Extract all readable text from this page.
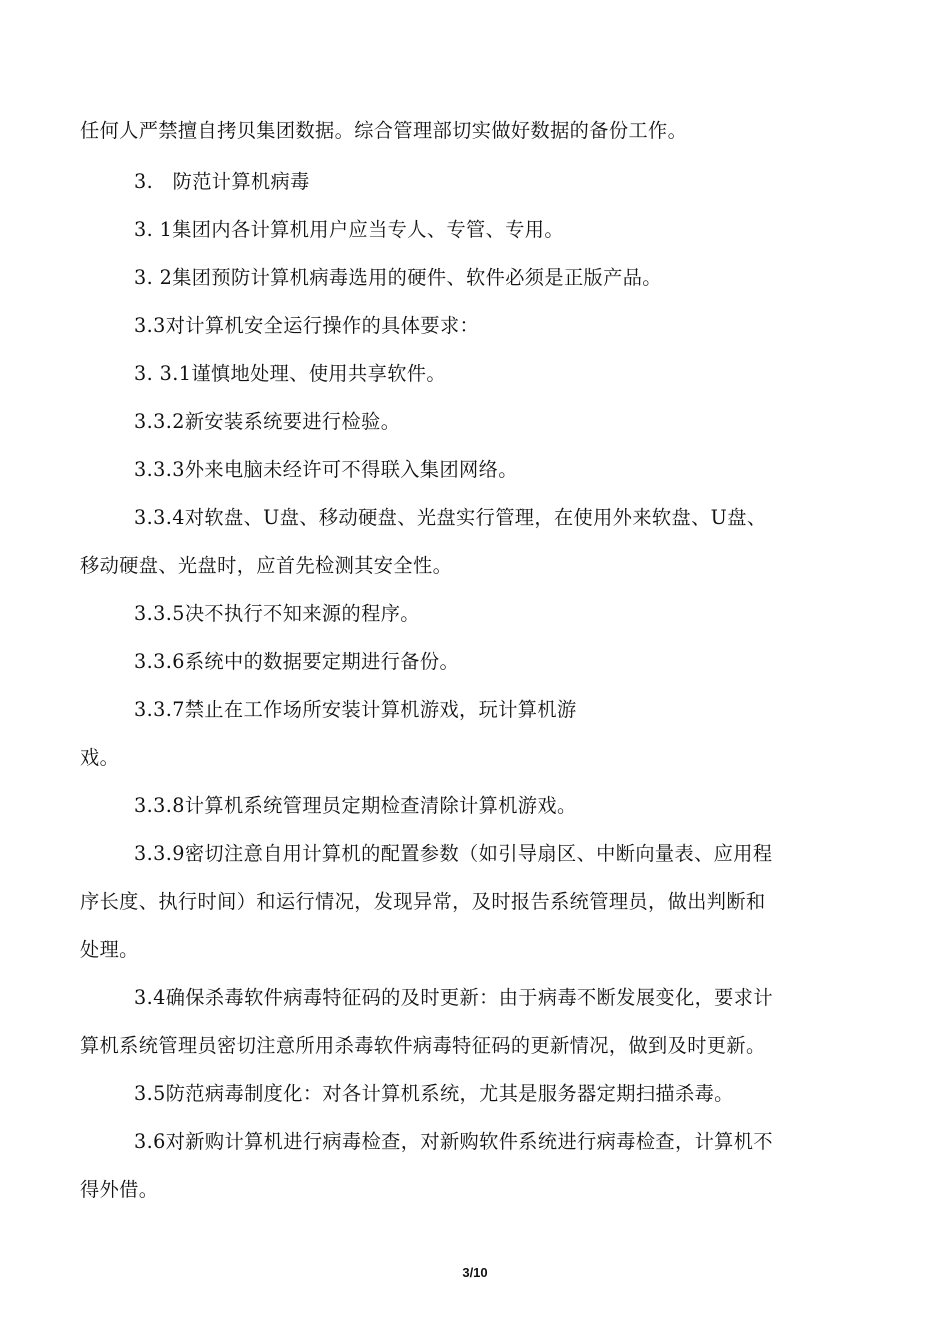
任何人严禁擅自拷贝集团数据。综合管理部切实做好数据的备份工作。
3.   防范计算机病毒
3. 1集团内各计算机用户应当专人、专管、专用。
3. 2集团预防计算机病毒选用的硬件、软件必须是正版产品。
3.3对计算机安全运行操作的具体要求：
3. 3.1谨慎地处理、使用共享软件。
3.3.2新安装系统要进行检验。
3.3.3外来电脑未经许可不得联入集团网络。
3.3.4对软盘、U盘、移动硬盘、光盘实行管理，在使用外来软盘、U盘、
移动硬盘、光盘时，应首先检测其安全性。
3.3.5决不执行不知来源的程序。
3.3.6系统中的数据要定期进行备份。
3.3.7禁止在工作场所安装计算机游戏，玩计算机游
戏。
3.3.8计算机系统管理员定期检查清除计算机游戏。
3.3.9密切注意自用计算机的配置参数（如引导扇区、中断向量表、应用程
序长度、执行时间）和运行情况，发现异常，及时报告系统管理员，做出判断和
处理。
3.4确保杀毒软件病毒特征码的及时更新：由于病毒不断发展变化，要求计
算机系统管理员密切注意所用杀毒软件病毒特征码的更新情况，做到及时更新。
3.5防范病毒制度化：对各计算机系统，尤其是服务器定期扫描杀毒。
3.6对新购计算机进行病毒检查，对新购软件系统进行病毒检查，计算机不
得外借。
3/10
